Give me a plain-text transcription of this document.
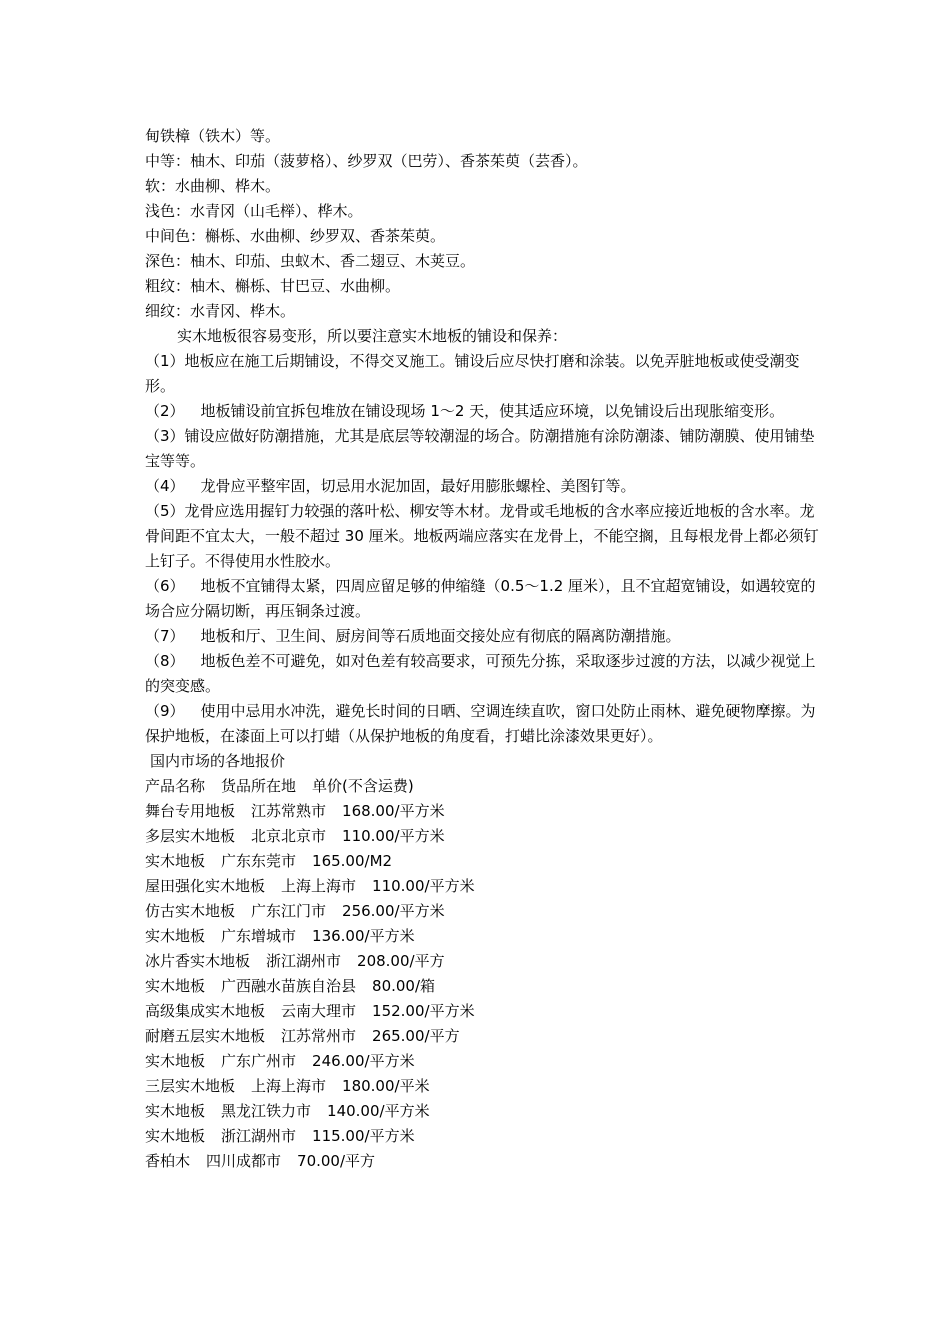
甸铁樟（铁木）等。
中等：柚木、印茄（菠萝格）、纱罗双（巴劳）、香茶茱萸（芸香）。
软：水曲柳、桦木。
浅色：水青冈（山毛榉）、桦木。
中间色：槲栎、水曲柳、纱罗双、香茶茱萸。
深色：柚木、印茄、虫蚁木、香二翅豆、木荚豆。
粗纹：柚木、槲栎、甘巴豆、水曲柳。
细纹：水青冈、桦木。
实木地板很容易变形，所以要注意实木地板的铺设和保养：
（1）地板应在施工后期铺设，不得交叉施工。铺设后应尽快打磨和涂装。以免弄脏地板或使受潮变形。
（2） 地板铺设前宜拆包堆放在铺设现场 1～2 天，使其适应环境，以免铺设后出现胀缩变形。
（3）铺设应做好防潮措施，尤其是底层等较潮湿的场合。防潮措施有涂防潮漆、铺防潮膜、使用铺垫宝等等。
（4） 龙骨应平整牢固，切忌用水泥加固，最好用膨胀螺栓、美图钉等。
（5）龙骨应选用握钉力较强的落叶松、柳安等木材。龙骨或毛地板的含水率应接近地板的含水率。龙骨间距不宜太大，一般不超过 30 厘米。地板两端应落实在龙骨上，不能空搁，且每根龙骨上都必须钉上钉子。不得使用水性胶水。
（6） 地板不宜铺得太紧，四周应留足够的伸缩缝（0.5～1.2 厘米），且不宜超宽铺设，如遇较宽的场合应分隔切断，再压铜条过渡。
（7） 地板和厅、卫生间、厨房间等石质地面交接处应有彻底的隔离防潮措施。
（8） 地板色差不可避免，如对色差有较高要求，可预先分拣，采取逐步过渡的方法，以减少视觉上的突变感。
（9） 使用中忌用水冲洗，避免长时间的日晒、空调连续直吹，窗口处防止雨林、避免硬物摩擦。为保护地板，在漆面上可以打蜡（从保护地板的角度看，打蜡比涂漆效果更好）。
国内市场的各地报价
产品名称 货品所在地 单价(不含运费)
舞台专用地板 江苏常熟市 168.00/平方米
多层实木地板 北京北京市 110.00/平方米
实木地板 广东东莞市 165.00/M2
屋田强化实木地板 上海上海市 110.00/平方米
仿古实木地板 广东江门市 256.00/平方米
实木地板 广东增城市 136.00/平方米
冰片香实木地板 浙江湖州市 208.00/平方
实木地板 广西融水苗族自治县 80.00/箱
高级集成实木地板 云南大理市 152.00/平方米
耐磨五层实木地板 江苏常州市 265.00/平方
实木地板 广东广州市 246.00/平方米
三层实木地板 上海上海市 180.00/平米
实木地板 黑龙江铁力市 140.00/平方米
实木地板 浙江湖州市 115.00/平方米
香柏木 四川成都市 70.00/平方
